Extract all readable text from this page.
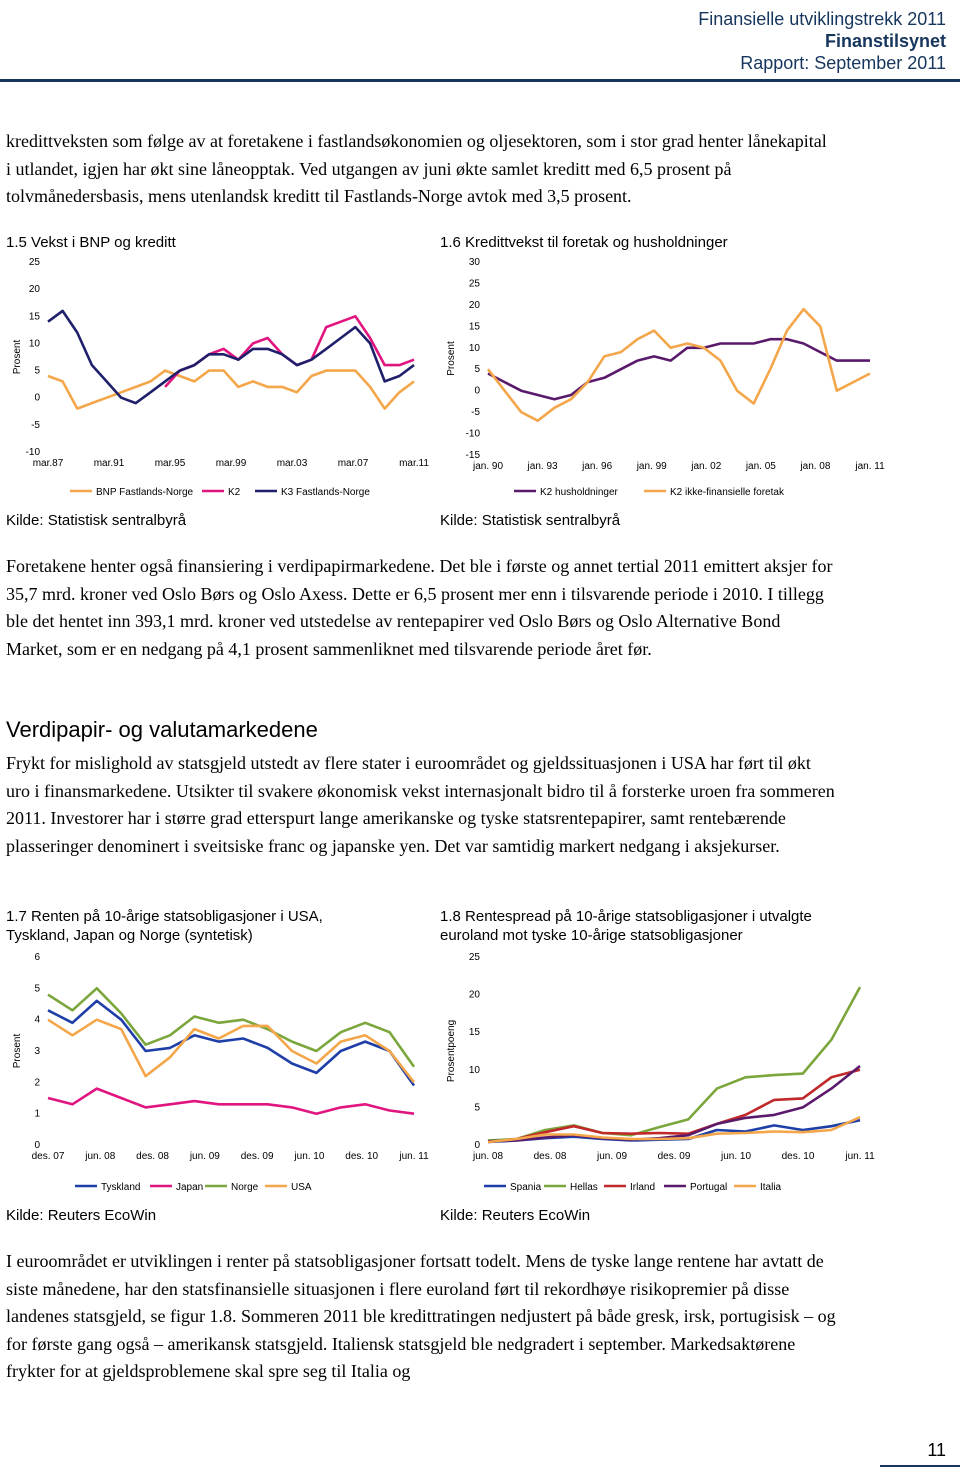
Finansielle utviklingstrekk 2011
Finanstilsynet
Rapport: September 2011

kredittveksten som følge av at foretakene i fastlandsøkonomien og oljesektoren, som i stor grad henter lånekapital i utlandet, igjen har økt sine låneopptak. Ved utgangen av juni økte samlet kreditt med 6,5 prosent på tolvmånedersbasis, mens utenlandsk kreditt til Fastlands-Norge avtok med 3,5 prosent.

1.5 Vekst i BNP og kreditt
25
20
15
10
5
0
-5
-10
Prosent
mar.87	mar.91	mar.95	mar.99	mar.03	mar.07	mar.11
BNP Fastlands-Norge	K2	K3 Fastlands-Norge
Kilde: Statistisk sentralbyrå
1.6 Kredittvekst til foretak og husholdninger
30
25
20
15
10
5
0
-5
-10
-15
Prosent
jan. 90 jan. 93 jan. 96 jan. 99 jan. 02 jan. 05 jan. 08 jan. 11
K2 husholdninger	K2 ikke-finansielle foretak
Kilde: Statistisk sentralbyrå

Foretakene henter også finansiering i verdipapirmarkedene. Det ble i første og annet tertial 2011 emittert aksjer for 35,7 mrd. kroner ved Oslo Børs og Oslo Axess. Dette er 6,5 prosent mer enn i tilsvarende periode i 2010. I tillegg ble det hentet inn 393,1 mrd. kroner ved utstedelse av rentepapirer ved Oslo Børs og Oslo Alternative Bond Market, som er en nedgang på 4,1 prosent sammenliknet med tilsvarende periode året før.

Verdipapir- og valutamarkedene

Frykt for mislighold av statsgjeld utstedt av flere stater i euroområdet og gjeldssituasjonen i USA har ført til økt uro i finansmarkedene. Utsikter til svakere økonomisk vekst internasjonalt bidro til å forsterke uroen fra sommeren 2011. Investorer har i større grad etterspurt lange amerikanske og tyske statsrentepapirer, samt rentebærende plasseringer denominert i sveitsiske franc og japanske yen. Det var samtidig markert nedgang i aksjekurser.

1.7 Renten på 10-årige statsobligasjoner i USA, Tyskland, Japan og Norge (syntetisk)
6
5
4
3
2
1
0
Prosent
des. 07 jun. 08 des. 08 jun. 09 des. 09 jun. 10 des. 10 jun. 11
Tyskland	Japan	Norge	USA
Kilde: Reuters EcoWin
1.8 Rentespread på 10-årige statsobligasjoner i utvalgte euroland mot tyske 10-årige statsobligasjoner
25
20
15
10
5
0
Prosentpoeng
jun. 08	des. 08	jun. 09	des. 09	jun. 10	des. 10	jun. 11
Spania	Hellas	Irland	Portugal	Italia
Kilde: Reuters EcoWin

I euroområdet er utviklingen i renter på statsobligasjoner fortsatt todelt. Mens de tyske lange rentene har avtatt de siste månedene, har den statsfinansielle situasjonen i flere euroland ført til rekordhøye risikopremier på disse landenes statsgjeld, se figur 1.8. Sommeren 2011 ble kredittratingen nedjustert på både gresk, irsk, portugisisk – og for første gang også – amerikansk statsgjeld. Italiensk statsgjeld ble nedgradert i september. Markedsaktørene frykter for at gjeldsproblemene skal spre seg til Italia og

11
